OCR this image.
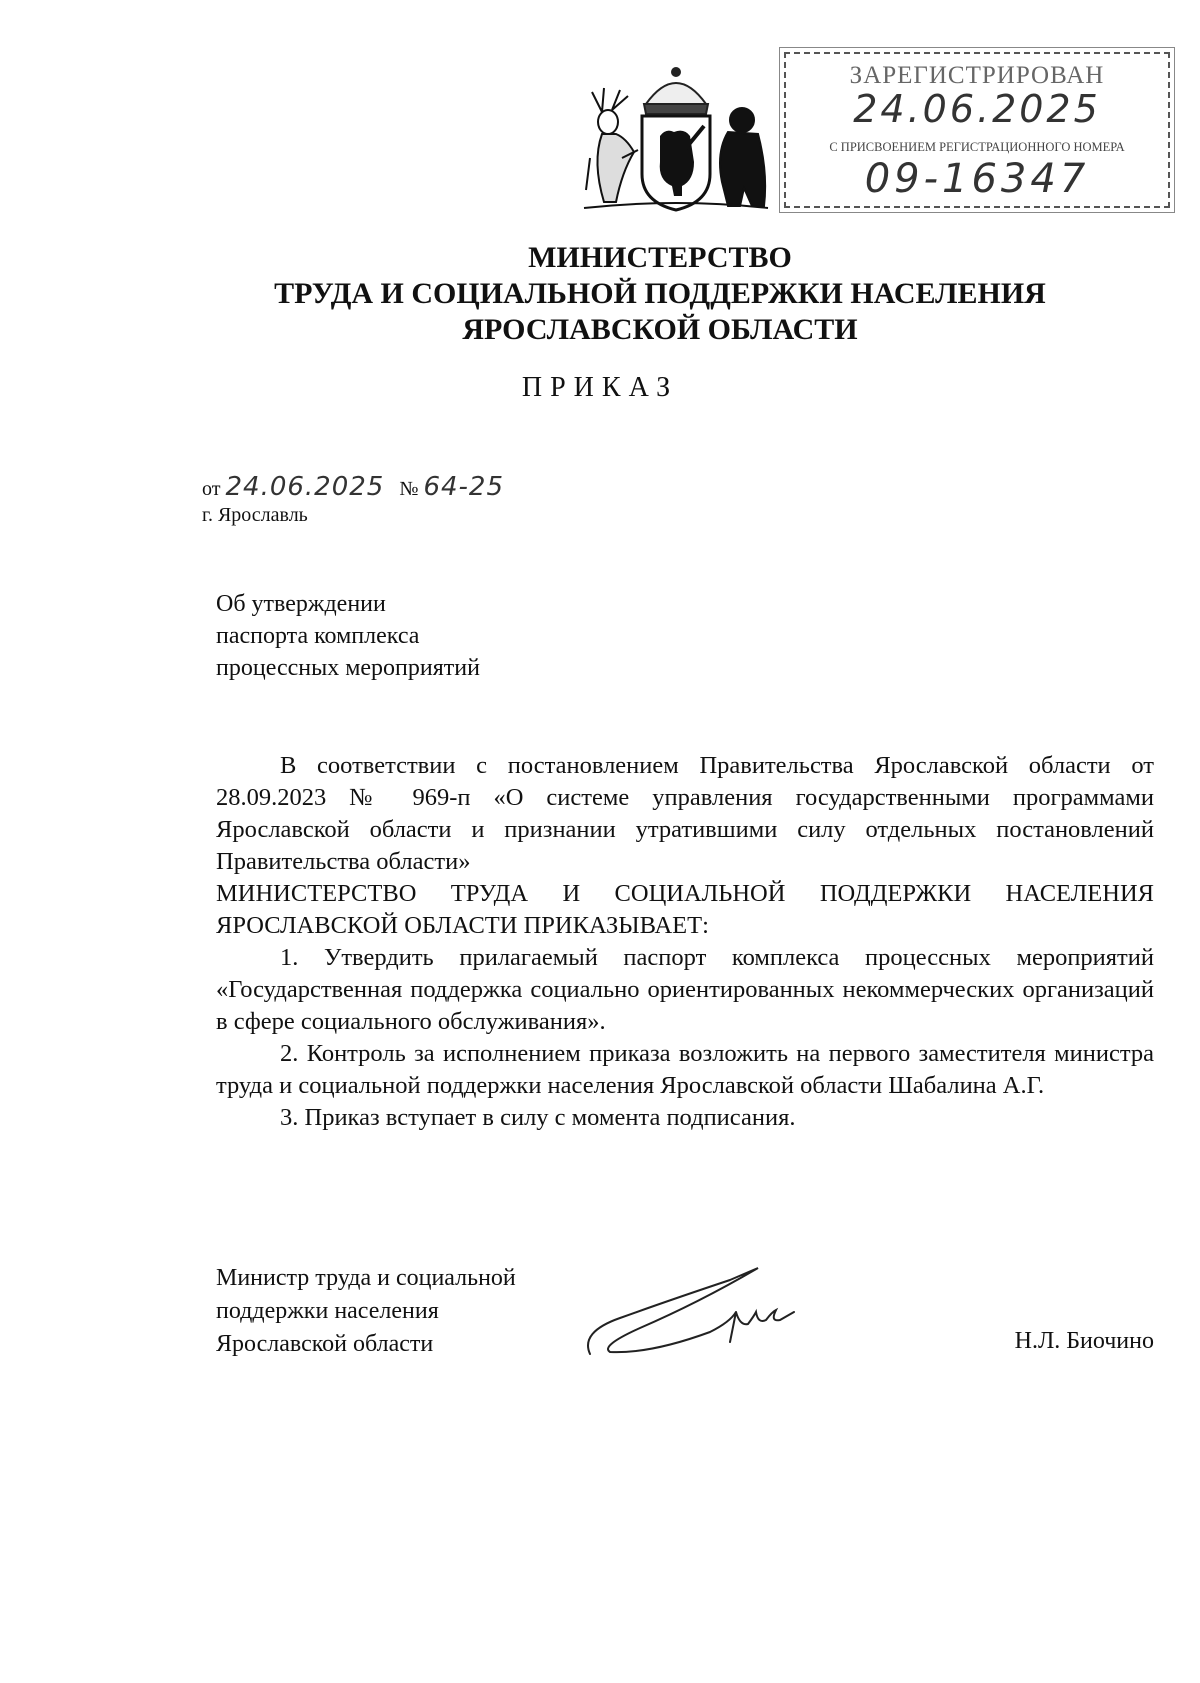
ЗАРЕГИСТРИРОВАН
24.06.2025
С ПРИСВОЕНИЕМ РЕГИСТРАЦИОННОГО НОМЕРА
09-16347
МИНИСТЕРСТВО
ТРУДА И СОЦИАЛЬНОЙ ПОДДЕРЖКИ НАСЕЛЕНИЯ
ЯРОСЛАВСКОЙ ОБЛАСТИ
ПРИКАЗ
от 24.06.2025 № 64-25
г. Ярославль
Об утверждении
паспорта комплекса
процессных мероприятий

В соответствии с постановлением Правительства Ярославской области от 28.09.2023 № 969-п «О системе управления государственными программами Ярославской области и признании утратившими силу отдельных постановлений Правительства области»

МИНИСТЕРСТВО ТРУДА И СОЦИАЛЬНОЙ ПОДДЕРЖКИ НАСЕЛЕНИЯ ЯРОСЛАВСКОЙ ОБЛАСТИ ПРИКАЗЫВАЕТ:

1. Утвердить прилагаемый паспорт комплекса процессных мероприятий «Государственная поддержка социально ориентированных некоммерческих организаций в сфере социального обслуживания».

2. Контроль за исполнением приказа возложить на первого заместителя министра труда и социальной поддержки населения Ярославской области Шабалина А.Г.

3. Приказ вступает в силу с момента подписания.

Министр труда и социальной
поддержки населения
Ярославской области	Н.Л. Биочино
